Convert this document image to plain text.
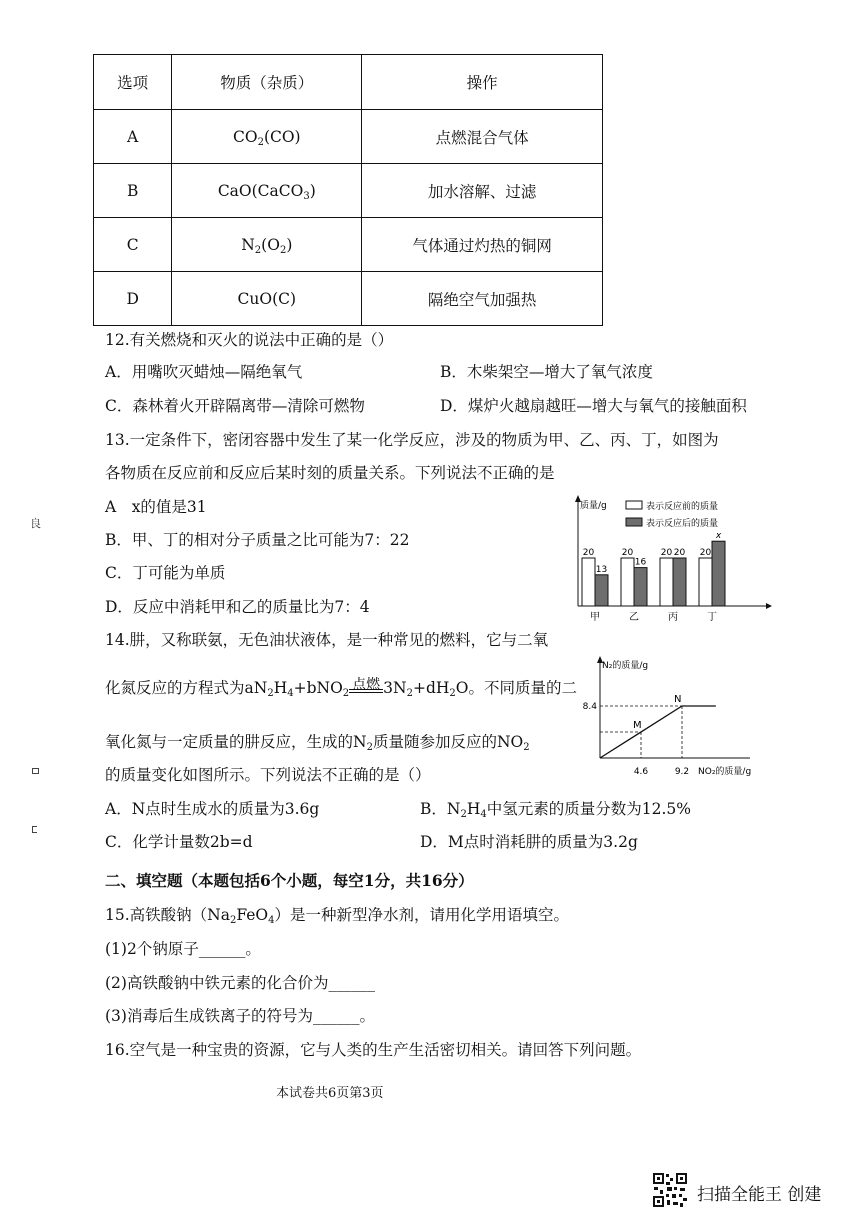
良
选项	物质（杂质）	操作
A	$CO_2(CO)$	点燃混合气体
B	CaO(CaCO$_3$)	加水溶解、过滤
C	$N_2(O_2)$	气体通过灼热的铜网
D	CuO(C)	隔绝空气加强热
12.有关燃烧和灭火的说法中正确的是（）
A．用嘴吹灭蜡烛—隔绝氧气	B．木柴架空—增大了氧气浓度
C．森林着火开辟隔离带—清除可燃物	D．煤炉火越扇越旺—增大与氧气的接触面积
13.一定条件下，密闭容器中发生了某一化学反应，涉及的物质为甲、乙、丙、丁，如图为
各物质在反应前和反应后某时刻的质量关系。下列说法不正确的是
A　x的值是31
B．甲、丁的相对分子质量之比可能为7：22
C．丁可能为单质
D．反应中消耗甲和乙的质量比为7：4
质量/g	表示反应前的质量
表示反应后的质量
20
13
甲
20
16
乙
20 20
丙
20
x
丁
14.肼，又称联氨，无色油状液体，是一种常见的燃料，它与二氧
化氮反应的方程式为$aN_2H_4+bNO_2$
点燃 $3N_2+dH_2O$。不同质量的二
氧化氮与一定质量的肼反应，生成的$N_2$质量随参加反应的$NO_2$
的质量变化如图所示。下列说法不正确的是（）
A．N点时生成水的质量为3.6g	B．$N_2H_4$中氢元素的质量分数为12.5%
C．化学计量数2b=d	D．M点时消耗肼的质量为3.2g
N₂的质量/g
NO₂的质量/g
8.4
4.6	9.2
M
N
二、填空题（本题包括6个小题，每空1分，共16分）
15.高铁酸钠$(Na_2FeO_4)$是一种新型净水剂，请用化学用语填空。
(1)2个钠原子______。
(2)高铁酸钠中铁元素的化合价为______
(3)消毒后生成铁离子的符号为______。
16.空气是一种宝贵的资源，它与人类的生产生活密切相关。请回答下列问题。
本试卷共6页第3页
扫描全能王 创建
